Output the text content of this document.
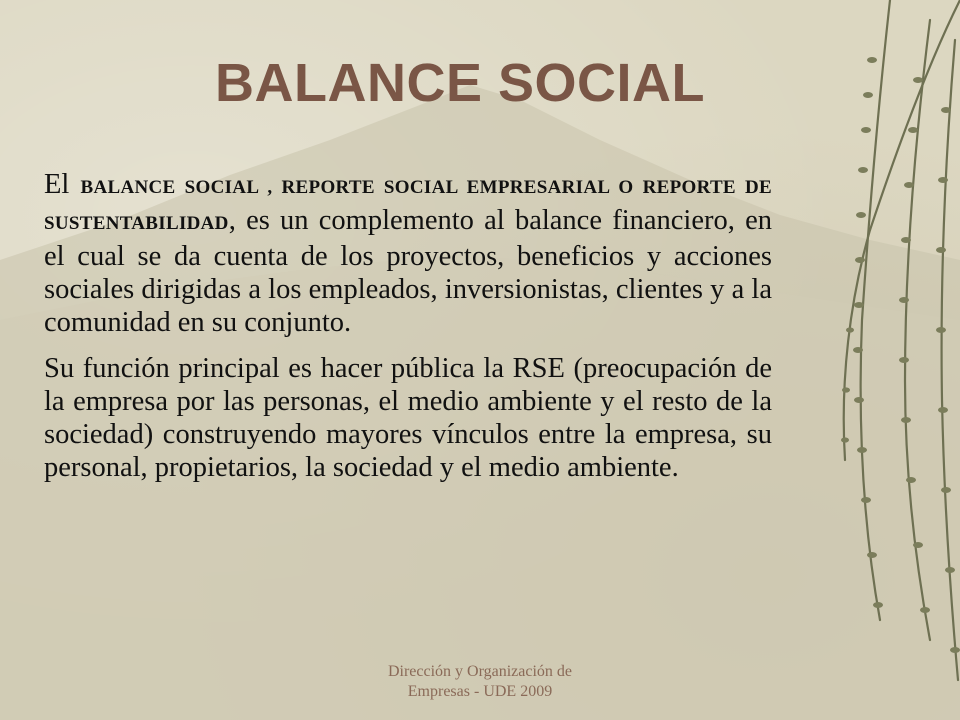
BALANCE SOCIAL

El BALANCE SOCIAL , REPORTE SOCIAL EMPRESARIAL O REPORTE DE SUSTENTABILIDAD, es un complemento al balance financiero, en el cual se da cuenta de los proyectos, beneficios y acciones sociales dirigidas a los empleados, inversionistas, clientes y a la comunidad en su conjunto.

Su función principal es hacer pública la RSE (preocupación de la empresa por las personas, el medio ambiente y el resto de la sociedad) construyendo mayores vínculos entre la empresa, su personal, propietarios, la sociedad y el medio ambiente.

Dirección y Organización de
Empresas - UDE 2009
